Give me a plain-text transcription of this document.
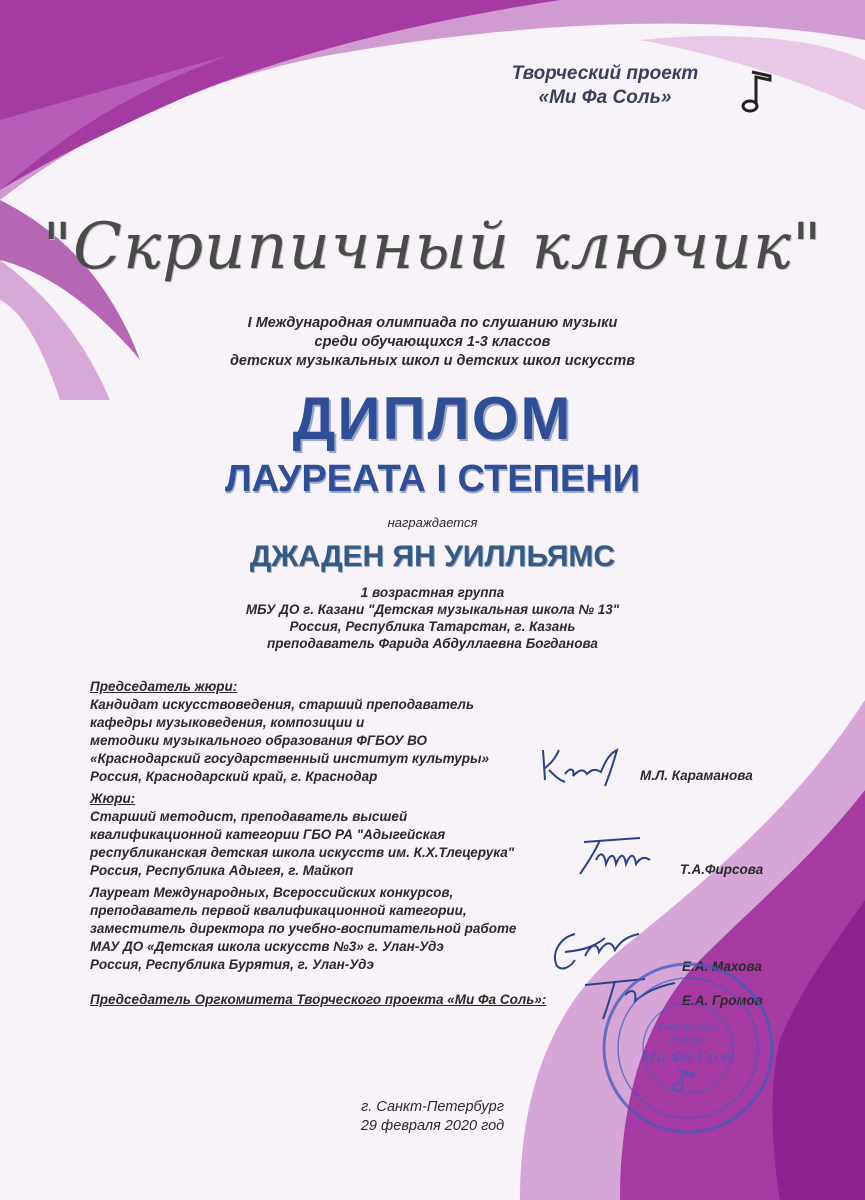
Творческий проект
«Ми Фа Соль»
"Скрипичный ключик"
I Международная олимпиада по слушанию музыки
среди обучающихся 1-3 классов
детских музыкальных школ и детских школ искусств
ДИПЛОМ
ЛАУРЕАТА I СТЕПЕНИ
награждается
ДЖАДЕН ЯН УИЛЛЬЯМС
1 возрастная группа
МБУ ДО г. Казани "Детская музыкальная школа № 13"
Россия, Республика Татарстан, г. Казань
преподаватель Фарида Абдуллаевна Богданова
Председатель жюри:
Кандидат искусствоведения, старший преподаватель
кафедры музыковедения, композиции и
методики музыкального образования ФГБОУ ВО
«Краснодарский государственный институт культуры»
Россия, Краснодарский край, г. Краснодар	М.Л. Караманова
Жюри:
Старший методист, преподаватель высшей
квалификационной категории ГБО РА "Адыгейская
республиканская детская школа искусств им. К.Х.Тлецерука"
Россия, Республика Адыгея, г. Майкоп	Т.А.Фирсова
Лауреат Международных, Всероссийских конкурсов,
преподаватель первой квалификационной категории,
заместитель директора по учебно-воспитательной работе
МАУ ДО «Детская школа искусств №3» г. Улан-Удэ
Россия, Республика Бурятия, г. Улан-Удэ	Е.А. Махова
Председатель Оргкомитета Творческого проекта «Ми Фа Соль»:	Е.А. Громов
Творческий
проект
Ми Фа Соль
г. Санкт-Петербург
29 февраля 2020 год
